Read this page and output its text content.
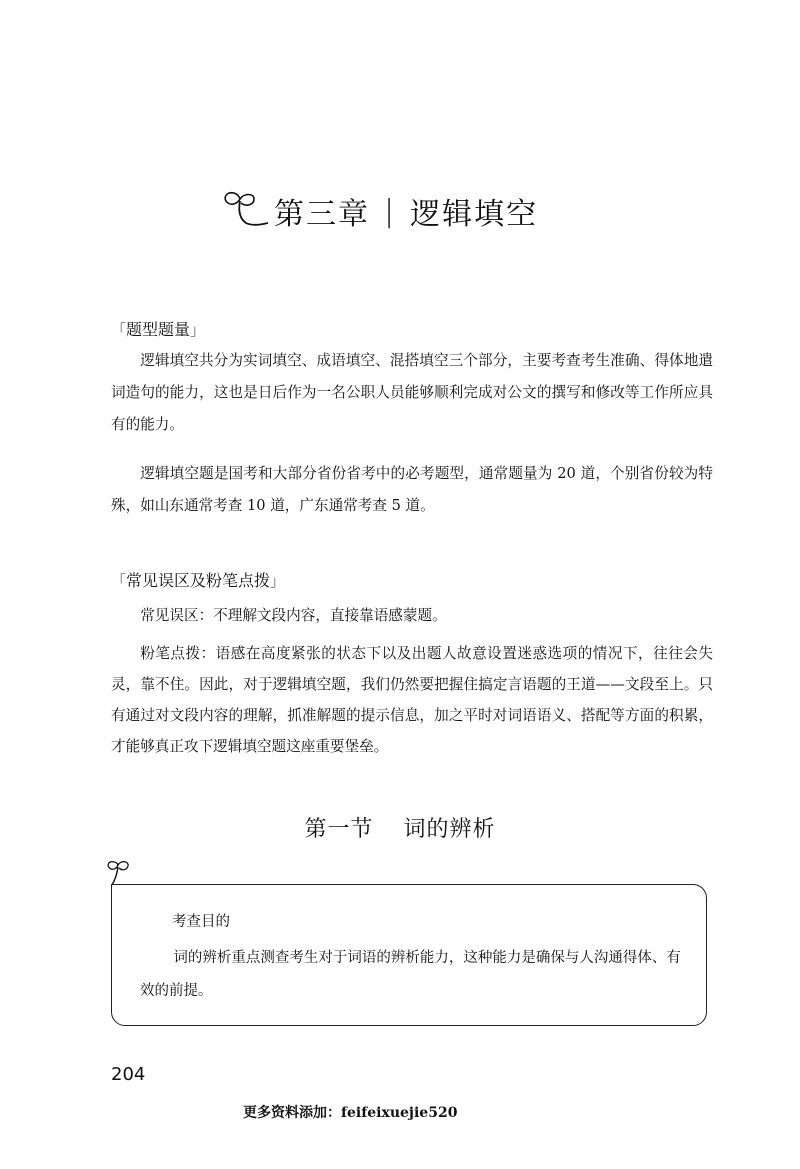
第三章 | 逻辑填空
「题型题量」
逻辑填空共分为实词填空、成语填空、混搭填空三个部分，主要考查考生准确、得体地遣词造句的能力，这也是日后作为一名公职人员能够顺利完成对公文的撰写和修改等工作所应具有的能力。
逻辑填空题是国考和大部分省份省考中的必考题型，通常题量为 20 道，个别省份较为特殊，如山东通常考查 10 道，广东通常考查 5 道。
「常见误区及粉笔点拨」
常见误区：不理解文段内容，直接靠语感蒙题。
粉笔点拨：语感在高度紧张的状态下以及出题人故意设置迷惑选项的情况下，往往会失灵，靠不住。因此，对于逻辑填空题，我们仍然要把握住搞定言语题的王道——文段至上。只有通过对文段内容的理解，抓准解题的提示信息，加之平时对词语语义、搭配等方面的积累，才能够真正攻下逻辑填空题这座重要堡垒。
第一节 词的辨析
考查目的
词的辨析重点测查考生对于词语的辨析能力，这种能力是确保与人沟通得体、有效的前提。
204
更多资料添加：feifeixuejie520
